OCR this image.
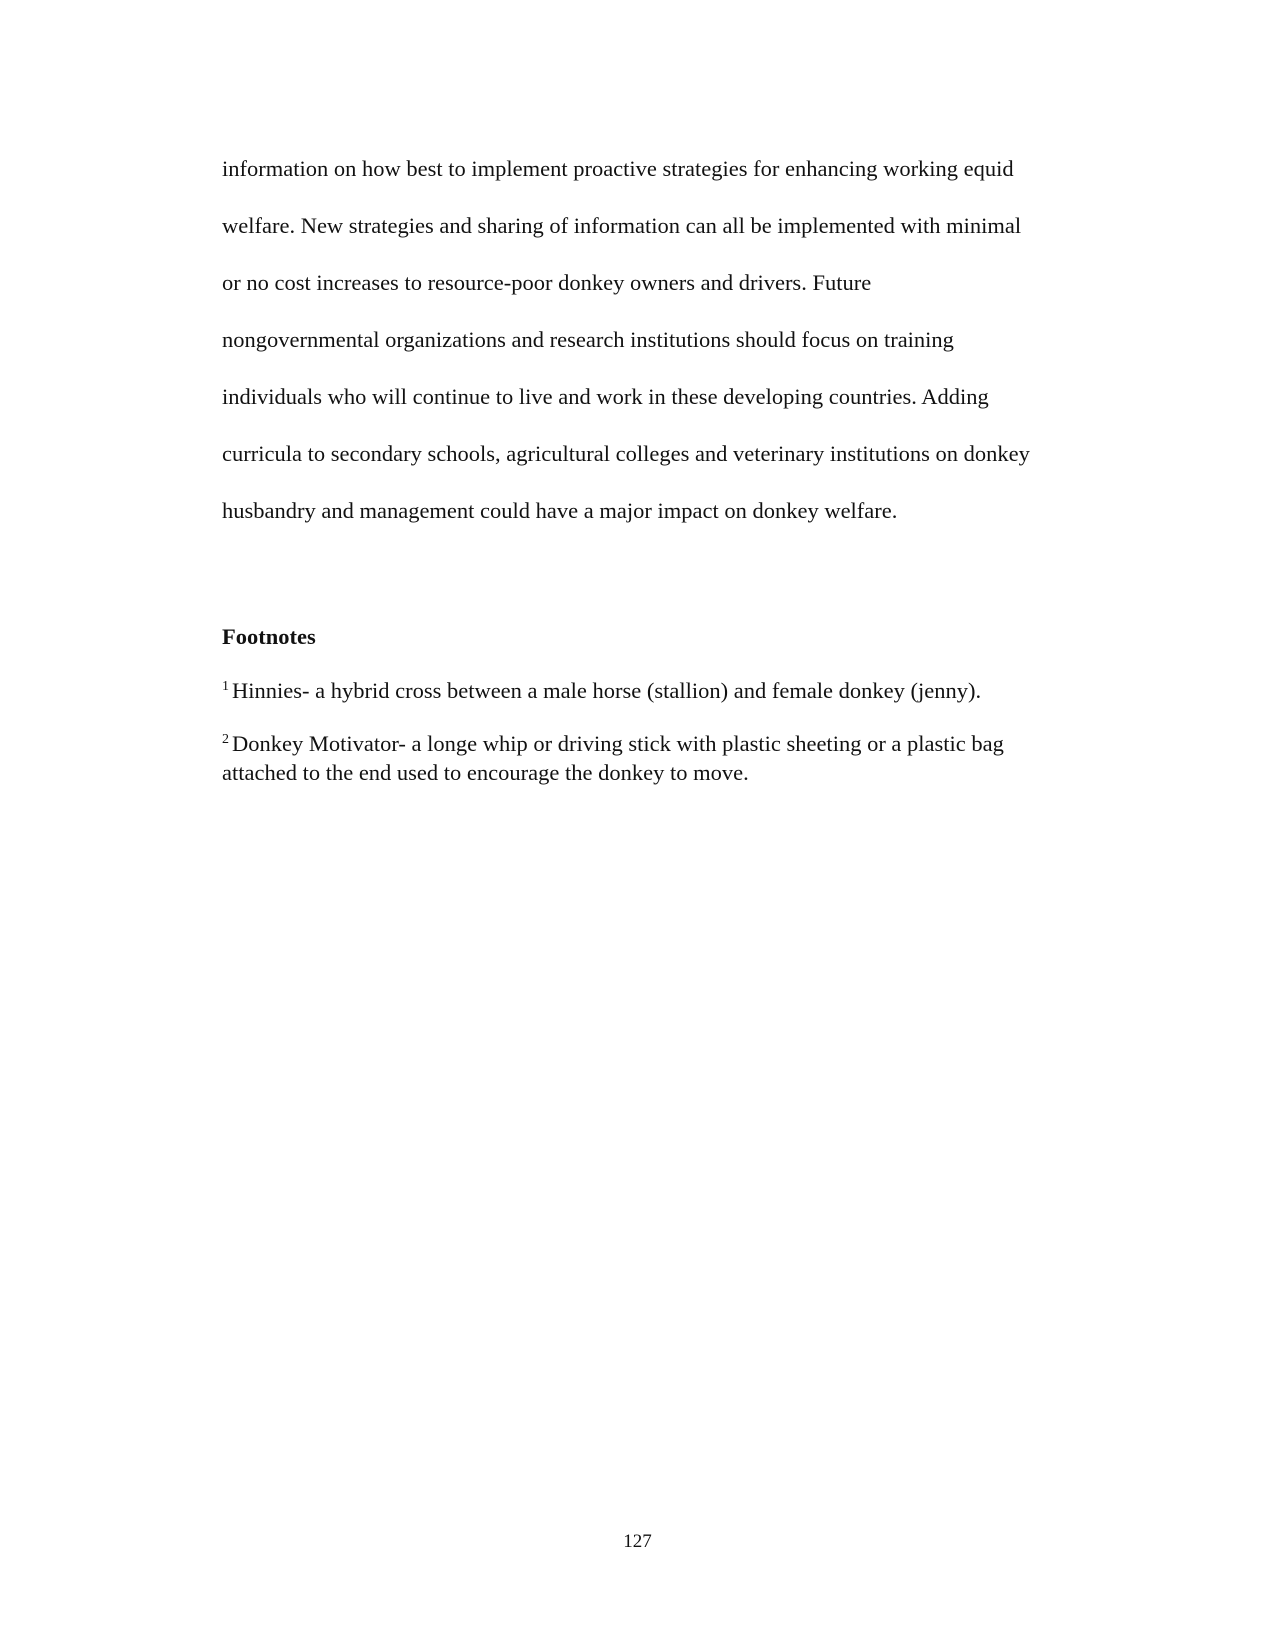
information on how best to implement proactive strategies for enhancing working equid
welfare. New strategies and sharing of information can all be implemented with minimal
or no cost increases to resource-poor donkey owners and drivers. Future
nongovernmental organizations and research institutions should focus on training
individuals who will continue to live and work in these developing countries. Adding
curricula to secondary schools, agricultural colleges and veterinary institutions on donkey
husbandry and management could have a major impact on donkey welfare.

Footnotes

$^1$ Hinnies- a hybrid cross between a male horse (stallion) and female donkey (jenny).

$^2$ Donkey Motivator- a longe whip or driving stick with plastic sheeting or a plastic bag
attached to the end used to encourage the donkey to move.

127
